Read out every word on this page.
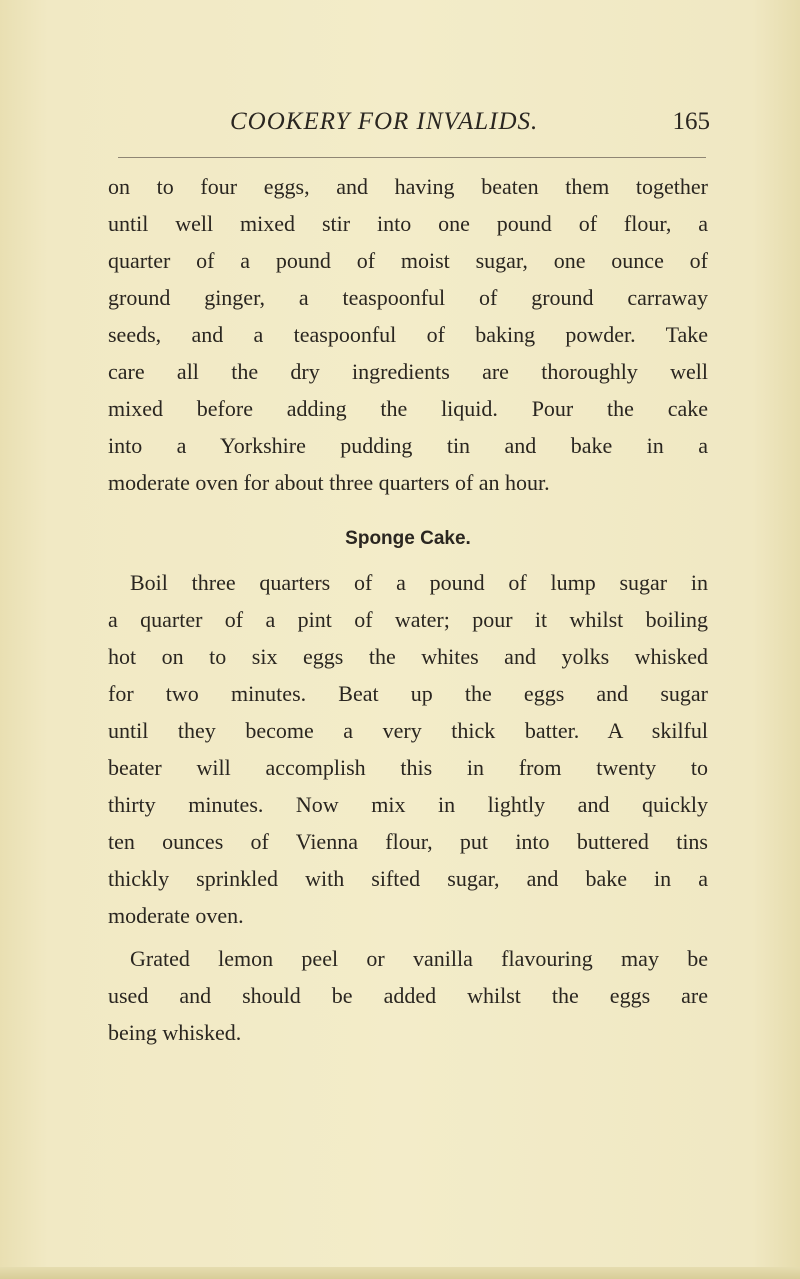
COOKERY FOR INVALIDS.	165
on to four eggs, and having beaten them together
until well mixed stir into one pound of flour, a
quarter of a pound of moist sugar, one ounce of
ground ginger, a teaspoonful of ground carraway
seeds, and a teaspoonful of baking powder. Take
care all the dry ingredients are thoroughly well
mixed before adding the liquid. Pour the cake
into a Yorkshire pudding tin and bake in a
moderate oven for about three quarters of an hour.
Sponge Cake.
Boil three quarters of a pound of lump sugar in
a quarter of a pint of water; pour it whilst boiling
hot on to six eggs the whites and yolks whisked
for two minutes. Beat up the eggs and sugar
until they become a very thick batter. A skilful
beater will accomplish this in from twenty to
thirty minutes. Now mix in lightly and quickly
ten ounces of Vienna flour, put into buttered tins
thickly sprinkled with sifted sugar, and bake in a
moderate oven.
Grated lemon peel or vanilla flavouring may be
used and should be added whilst the eggs are
being whisked.
